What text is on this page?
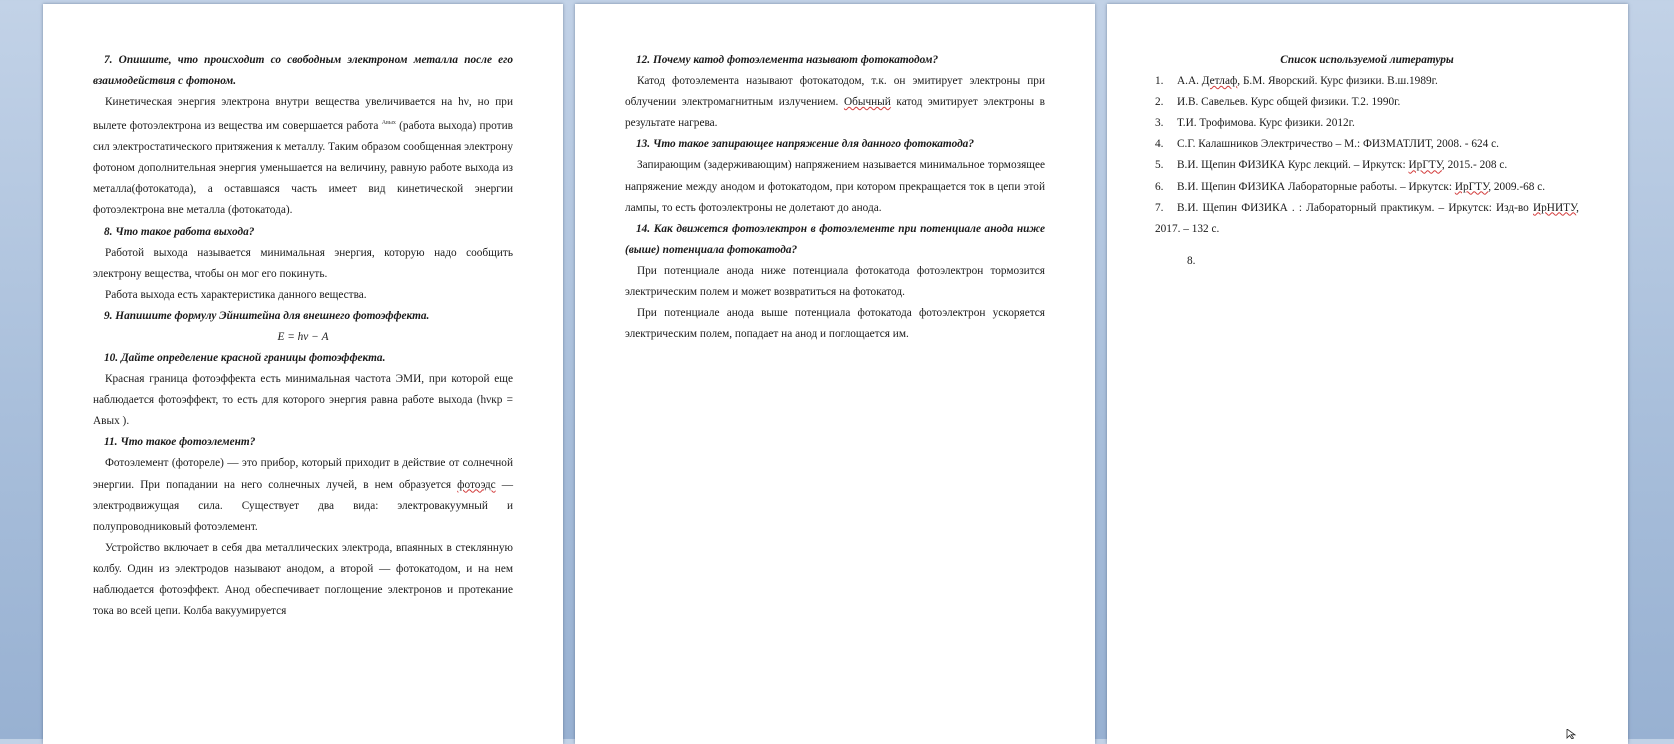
7. Опишите, что происходит со свободным электроном металла после его взаимодействия с фотоном.

Кинетическая энергия электрона внутри вещества увеличивается на hν, но при вылете фотоэлектрона из вещества им совершается работа $^{Aвых}$ (работа выхода) против сил электростатического притяжения к металлу. Таким образом сообщенная электрону фотоном дополнительная энергия уменьшается на величину, равную работе выхода из металла(фотокатода), а оставшаяся часть имеет вид кинетической энергии фотоэлектрона вне металла (фотокатода).

8. Что такое работа выхода?

Работой выхода называется минимальная энергия, которую надо сообщить электрону вещества, чтобы он мог его покинуть.

Работа выхода есть характеристика данного вещества.

9. Напишите формулу Эйнштейна для внешнего фотоэффекта.

E = hν − A

10. Дайте определение красной границы фотоэффекта.

Красная граница фотоэффекта есть минимальная частота ЭМИ, при которой еще наблюдается фотоэффект, то есть для которого энергия равна работе выхода (hνкр = Aвых ).

11. Что такое фотоэлемент?

Фотоэлемент (фотореле) — это прибор, который приходит в действие от солнечной энергии. При попадании на него солнечных лучей, в нем образуется фотоэдс — электродвижущая сила. Существует два вида: электровакуумный и полупроводниковый фотоэлемент.

Устройство включает в себя два металлических электрода, впаянных в стеклянную колбу. Один из электродов называют анодом, а второй — фотокатодом, и на нем наблюдается фотоэффект. Анод обеспечивает поглощение электронов и протекание тока во всей цепи. Колба вакуумируется

12. Почему катод фотоэлемента называют фотокатодом?

Катод фотоэлемента называют фотокатодом, т.к. он эмитирует электроны при облучении электромагнитным излучением. Обычный катод эмитирует электроны в результате нагрева.

13. Что такое запирающее напряжение для данного фотокатода?

Запирающим (задерживающим) напряжением называется минимальное тормозящее напряжение между анодом и фотокатодом, при котором прекращается ток в цепи этой лампы, то есть фотоэлектроны не долетают до анода.

14. Как движется фотоэлектрон в фотоэлементе при потенциале анода ниже (выше) потенциала фотокатода?

При потенциале анода ниже потенциала фотокатода фотоэлектрон тормозится электрическим полем и может возвратиться на фотокатод.

При потенциале анода выше потенциала фотокатода фотоэлектрон ускоряется электрическим полем, попадает на анод и поглощается им.

Список используемой литературы

1. А.А. Детлаф, Б.М. Яворский. Курс физики. В.ш.1989г.
2. И.В. Савельев. Курс общей физики. Т.2. 1990г.
3. Т.И. Трофимова. Курс физики. 2012г.
4. С.Г. Калашников Электричество – М.: ФИЗМАТЛИТ, 2008. - 624 с.
5. В.И. Щепин ФИЗИКА Курс лекций. – Иркутск: ИрГТУ, 2015.- 208 с.
6. В.И. Щепин ФИЗИКА Лабораторные работы. – Иркутск: ИрГТУ, 2009.-68 с.
7. В.И. Щепин ФИЗИКА . : Лабораторный практикум. – Иркутск: Изд-во ИрНИТУ, 2017. – 132 с.

8.
